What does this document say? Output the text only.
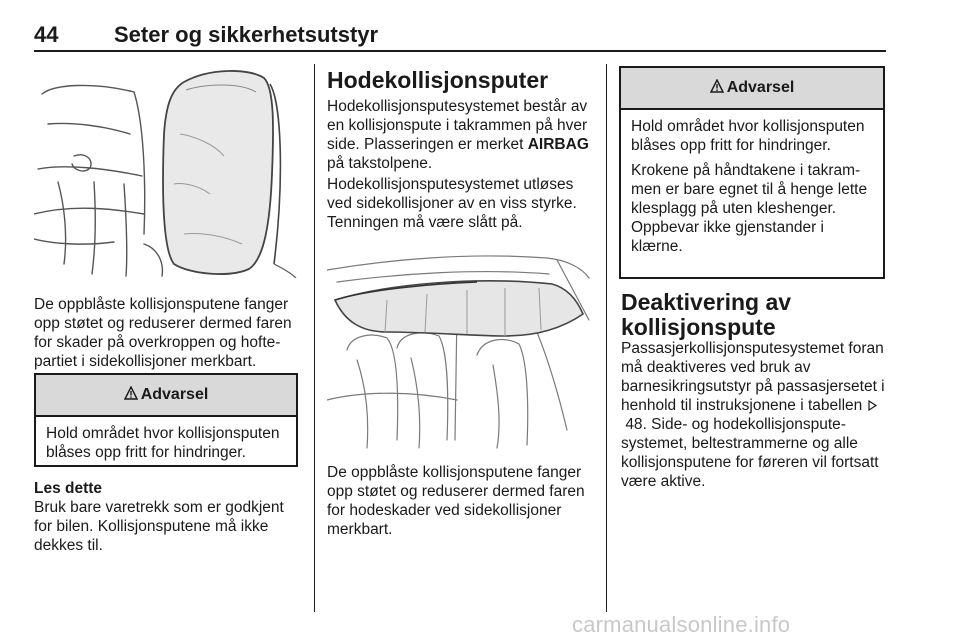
44	Seter og sikkerhetsutstyr
De oppblåste kollisjonsputene fanger opp støtet og reduserer dermed faren for skader på overkroppen og hoftepartiet i sidekollisjoner merkbart.
Advarsel
Hold området hvor kollisjonsputen blåses opp fritt for hindringer.

Les dette

Bruk bare varetrekk som er godkjent for bilen. Kollisjonsputene må ikke dekkes til.

Hodekollisjonsputer
Hodekollisjonsputesystemet består av en kollisjonspute i takrammen på hver side. Plasseringen er merket AIRBAG på takstolpene.
Hodekollisjonsputesystemet utløses ved sidekollisjoner av en viss styrke. Tenningen må være slått på.
De oppblåste kollisjonsputene fanger opp støtet og reduserer dermed faren for hodeskader ved sidekollisjoner merkbart.
Advarsel

Hold området hvor kollisjonsputen blåses opp fritt for hindringer.

Krokene på håndtakene i takrammen er bare egnet til å henge lette klesplagg på uten kleshenger. Oppbevar ikke gjenstander i klærne.

Deaktivering av kollisjonspute
Passasjerkollisjonsputesystemet foran må deaktiveres ved bruk av barnesikringsutstyr på passasjersetet i henhold til instruksjonene i tabellen  48. Side- og hodekollisjonsputesystemet, beltestrammerne og alle kollisjonsputene for føreren vil fortsatt være aktive.
carmanualsonline.info
